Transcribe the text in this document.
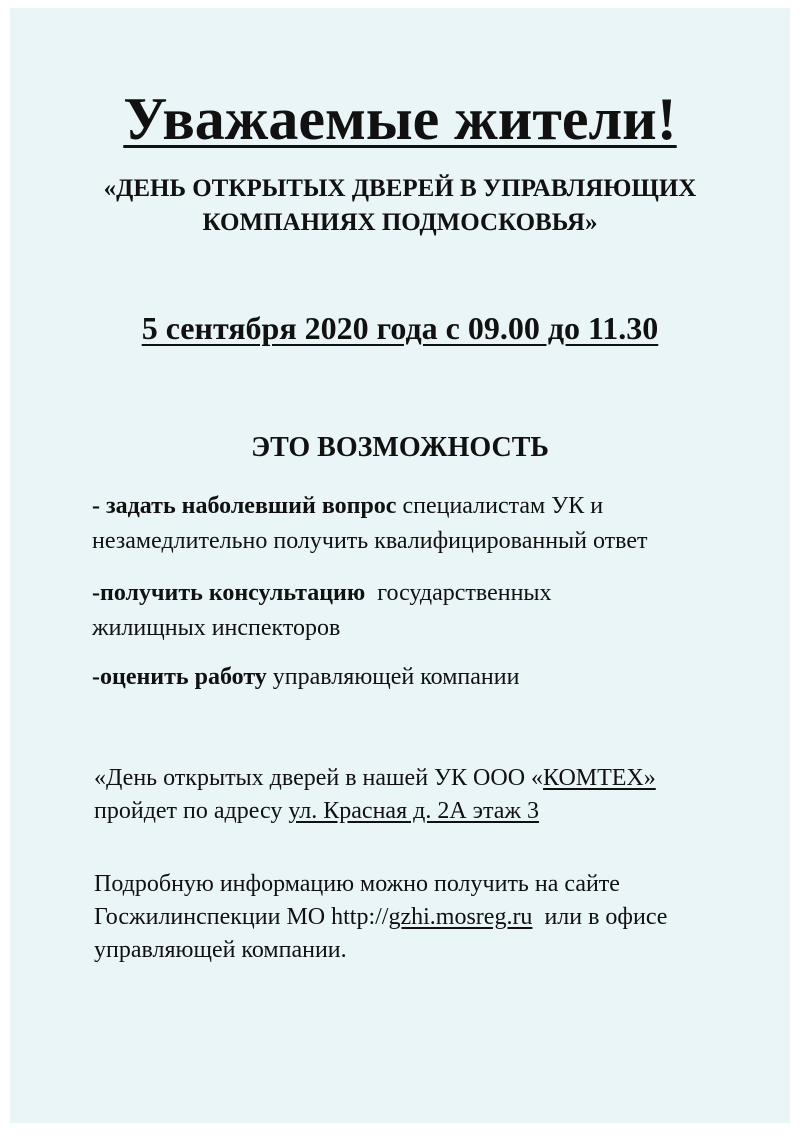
Уважаемые жители!
«ДЕНЬ ОТКРЫТЫХ ДВЕРЕЙ В УПРАВЛЯЮЩИХ
КОМПАНИЯХ ПОДМОСКОВЬЯ»
5 сентября 2020 года с 09.00 до 11.30
ЭТО ВОЗМОЖНОСТЬ
- задать наболевший вопрос специалистам УК и
незамедлительно получить квалифицированный ответ
-получить консультацию  государственных
жилищных инспекторов
-оценить работу управляющей компании
«День открытых дверей в нашей УК ООО «КОМТЕХ»
пройдет по адресу ул. Красная д. 2А этаж 3
Подробную информацию можно получить на сайте
Госжилинспекции МО http://gzhi.mosreg.ru  или в офисе
управляющей компании.
